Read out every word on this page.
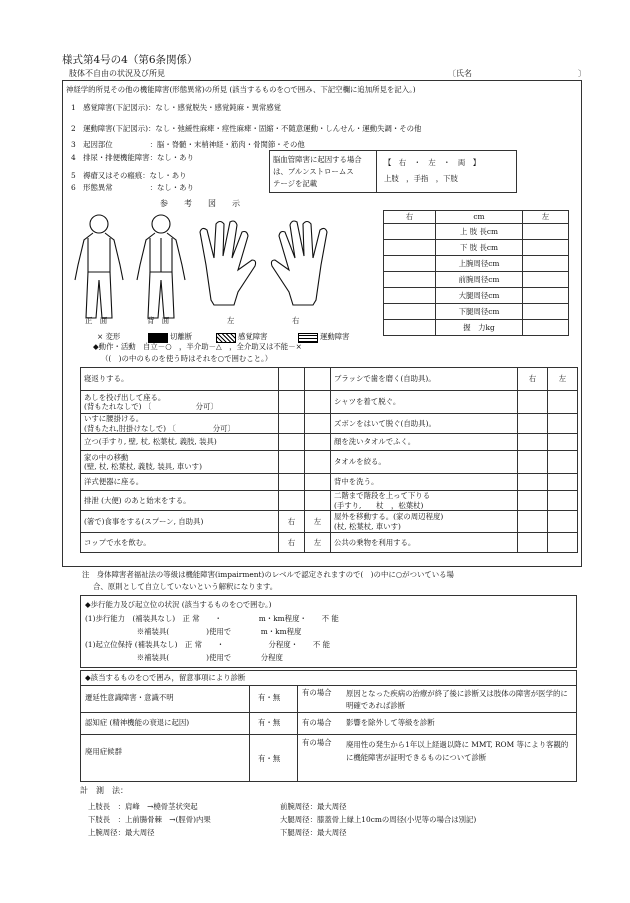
様式第4号の4（第6条関係）
肢体不自由の状況及び所見	〔氏名	〕
神経学的所見その他の機能障害(形態異常)の所見 (該当するものを○で囲み、下記空欄に追加所見を記入。)
1　感覚障害(下記図示)：なし・感覚脱失・感覚鈍麻・異常感覚
2　運動障害(下記図示)：なし・弛緩性麻痺・痙性麻痺・固縮・不随意運動・しんせん・運動失調・その他
3　起因部位　　　　　：脳・脊髄・末梢神経・筋肉・骨関節・その他
4　排尿・排便機能障害：なし・あり
5　褥瘡又はその瘢痕：なし・あり
6　形態異常　　　　　：なし・あり
脳血管障害に起因する場合
は、ブルンストロームス
テージを記載
【　右　・　左　・　両　】
上肢　，手指　，下肢
参　　考　　図　　示
正　面	背　面	左	右
× 変形	切離断	感覚障害	運動障害
右	cm	左
	上 肢 長cm	
	下 肢 長cm	
	上腕周径cm	
	前腕周径cm	
	大腿周径cm	
	下腿周径cm	
	握　力kg	
◆動作・活動　自立－○　，半介助－△　，全介助又は不能－×
（(　)の中のものを使う時はそれを○で囲むこと。）
寝返りする。			ブラッシで歯を磨く(自助具)。	右	左
あしを投げ出して座る。
(背もたれなしで) 〔　　　　　　分可〕			シャツを着て脱ぐ。		
いすに腰掛ける。
(背もたれ,肘掛けなしで) 〔　　　　　分可〕			ズボンをはいて脱ぐ(自助具)。		
立つ(手すり, 壁, 杖, 松葉杖, 義肢, 装具)			顔を洗いタオルでふく。		
家の中の移動
(壁, 杖, 松葉杖, 義肢, 装具, 車いす)			タオルを絞る。		
洋式便器に座る。			背中を洗う。		
排泄 (大便) のあと始末をする。			二階まで階段を上って下りる
(手すり,　　杖　，松葉杖)		
(箸で)食事をする(スプーン, 自助具)	右	左	屋外を移動する。(家の周辺程度)
(杖, 松葉杖, 車いす)		
コップで水を飲む。	右	左	公共の乗物を利用する。		
注　身体障害者福祉法の等級は機能障害(impairment)のレベルで認定されますので(　)の中に○がついている場
合、原則として自立していないという解釈になります。
◆歩行能力及び起立位の状況 (該当するものを○で囲む。)
(1)歩行能力　(補装具なし)　正 常　　・　　　　　m・km程度・　　不 能
　　　　　　　※補装具(　　　　　)使用で　　　　m・km程度
(1)起立位保持 (補装具なし)　正 常　　・　　　　　　分程度・　　不 能
　　　　　　　※補装具(　　　　　)使用で　　　　分程度
◆該当するものを○で囲み，留意事項により診断
遷延性意識障害・意識不明	有・無
有の場合 原因となった疾病の治療が終了後に診断又は肢体の障害が医学的に明確であれば診断
認知症 (精神機能の衰退に起因)	有・無	有の場合 影響を除外して等級を診断
廃用症候群
有・無
有の場合 廃用性の発生から1年以上経過以降に MMT, ROM 等により客観的に機能障害が証明できるものについて診断
計　測　法：
上肢長　：肩峰　→橈骨茎状突起	前腕周径：最大周径
下肢長　：上前腸骨棘　→(脛骨)内果	大腿周径：膝蓋骨上縁上10cmの周径(小児等の場合は別記)
上腕周径：最大周径	下腿周径：最大周径
